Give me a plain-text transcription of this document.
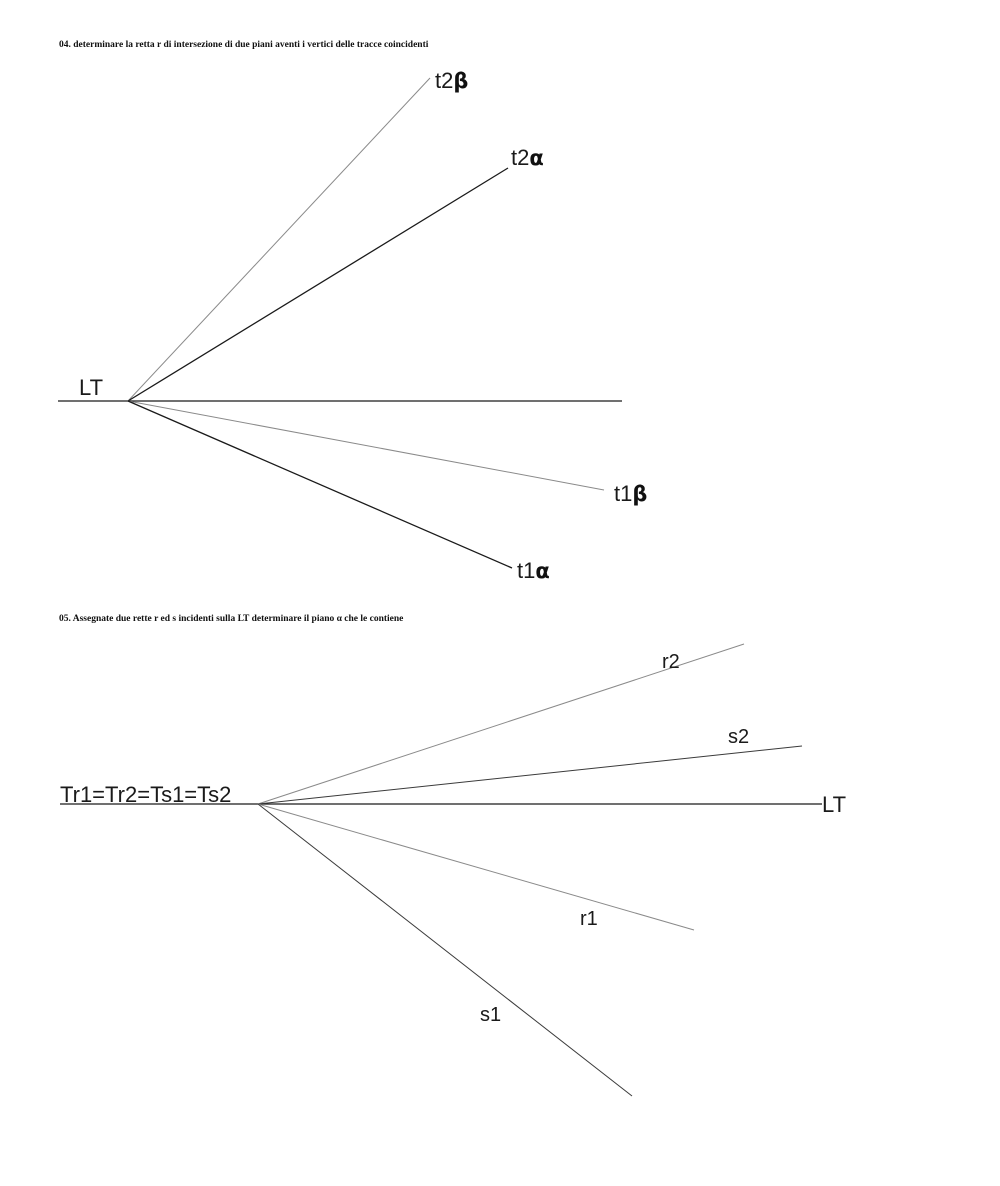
04. determinare la retta r di intersezione di due piani aventi i vertici delle tracce coincidenti

05. Assegnate due rette r ed s incidenti sulla LT determinare il piano α che le contiene

LT
t2β
t2α
t1β
t1α
Tr1=Tr2=Ts1=Ts2	LT
r2
s2
r1
s1
